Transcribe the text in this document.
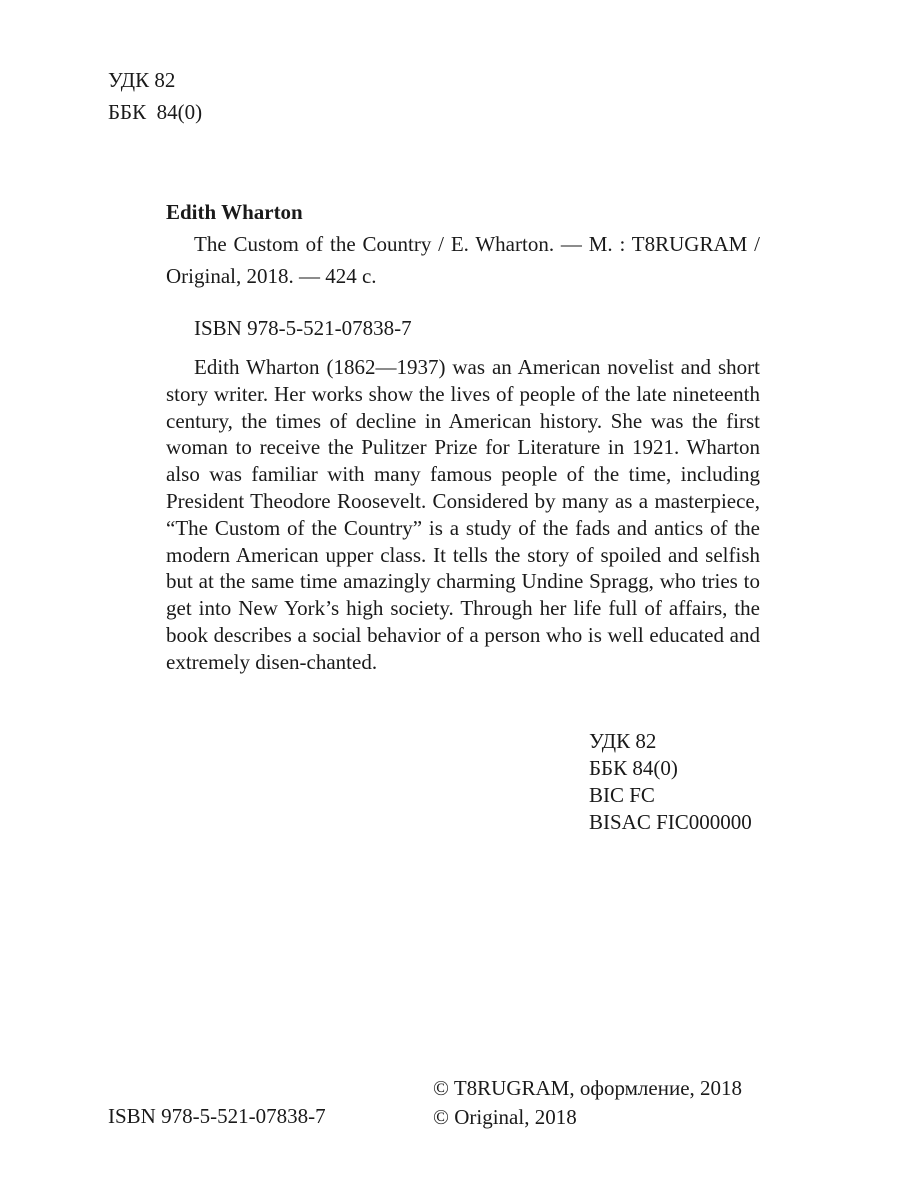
УДК 82
ББК  84(0)
Edith Wharton
The Custom of the Country / E. Wharton. — M. : T8RUGRAM / Original, 2018. — 424 c.
ISBN 978-5-521-07838-7
Edith Wharton (1862—1937) was an American novelist and short story writer. Her works show the lives of people of the late nineteenth century, the times of decline in American history. She was the first woman to receive the Pulitzer Prize for Literature in 1921. Wharton also was familiar with many famous people of the time, including President Theodore Roosevelt. Considered by many as a masterpiece, “The Custom of the Country” is a study of the fads and antics of the modern American upper class. It tells the story of spoiled and selfish but at the same time amazingly charming Undine Spragg, who tries to get into New York’s high society. Through her life full of affairs, the book describes a social behavior of a person who is well educated and extremely disen-chanted.
УДК 82
ББК 84(0)
BIC FC
BISAC FIC000000
ISBN 978-5-521-07838-7
© T8RUGRAM, оформление, 2018
© Original, 2018
